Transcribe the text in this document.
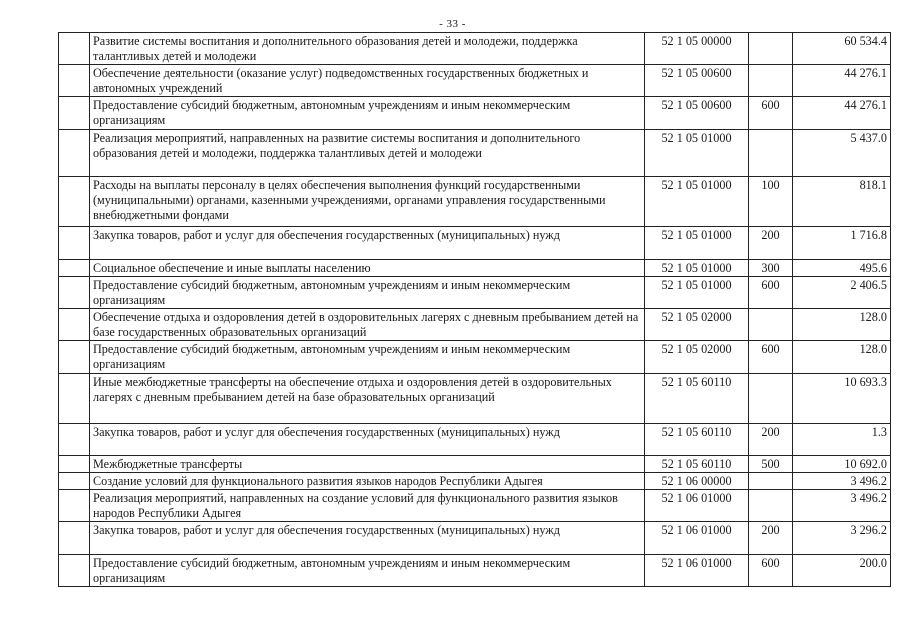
- 33 -
	Развитие системы воспитания и дополнительного образования детей и молодежи, поддержка талантливых детей и молодежи	52 1 05 00000		60 534.4
	Обеспечение деятельности (оказание услуг) подведомственных государственных бюджетных и автономных учреждений	52 1 05 00600		44 276.1
	Предоставление субсидий бюджетным, автономным учреждениям и иным некоммерческим организациям	52 1 05 00600	600	44 276.1
	Реализация мероприятий, направленных на развитие системы воспитания и дополнительного образования детей и молодежи, поддержка талантливых детей и молодежи	52 1 05 01000		5 437.0
	Расходы на выплаты персоналу в целях обеспечения выполнения функций государственными (муниципальными) органами, казенными учреждениями, органами управления государственными внебюджетными фондами	52 1 05 01000	100	818.1
	Закупка товаров, работ и услуг для обеспечения государственных (муниципальных) нужд	52 1 05 01000	200	1 716.8
	Социальное обеспечение и иные выплаты населению	52 1 05 01000	300	495.6
	Предоставление субсидий бюджетным, автономным учреждениям и иным некоммерческим организациям	52 1 05 01000	600	2 406.5
	Обеспечение отдыха и оздоровления детей в оздоровительных лагерях с дневным пребыванием детей на базе государственных образовательных организаций	52 1 05 02000		128.0
	Предоставление субсидий бюджетным, автономным учреждениям и иным некоммерческим организациям	52 1 05 02000	600	128.0
	Иные межбюджетные трансферты на обеспечение отдыха и оздоровления детей в оздоровительных лагерях с дневным пребыванием детей на базе образовательных организаций	52 1 05 60110		10 693.3
	Закупка товаров, работ и услуг для обеспечения государственных (муниципальных) нужд	52 1 05 60110	200	1.3
	Межбюджетные трансферты	52 1 05 60110	500	10 692.0
	Создание условий для функционального развития языков народов Республики Адыгея	52 1 06 00000		3 496.2
	Реализация мероприятий, направленных на создание условий для функционального развития языков народов Республики Адыгея	52 1 06 01000		3 496.2
	Закупка товаров, работ и услуг для обеспечения государственных (муниципальных) нужд	52 1 06 01000	200	3 296.2
	Предоставление субсидий бюджетным, автономным учреждениям и иным некоммерческим организациям	52 1 06 01000	600	200.0
